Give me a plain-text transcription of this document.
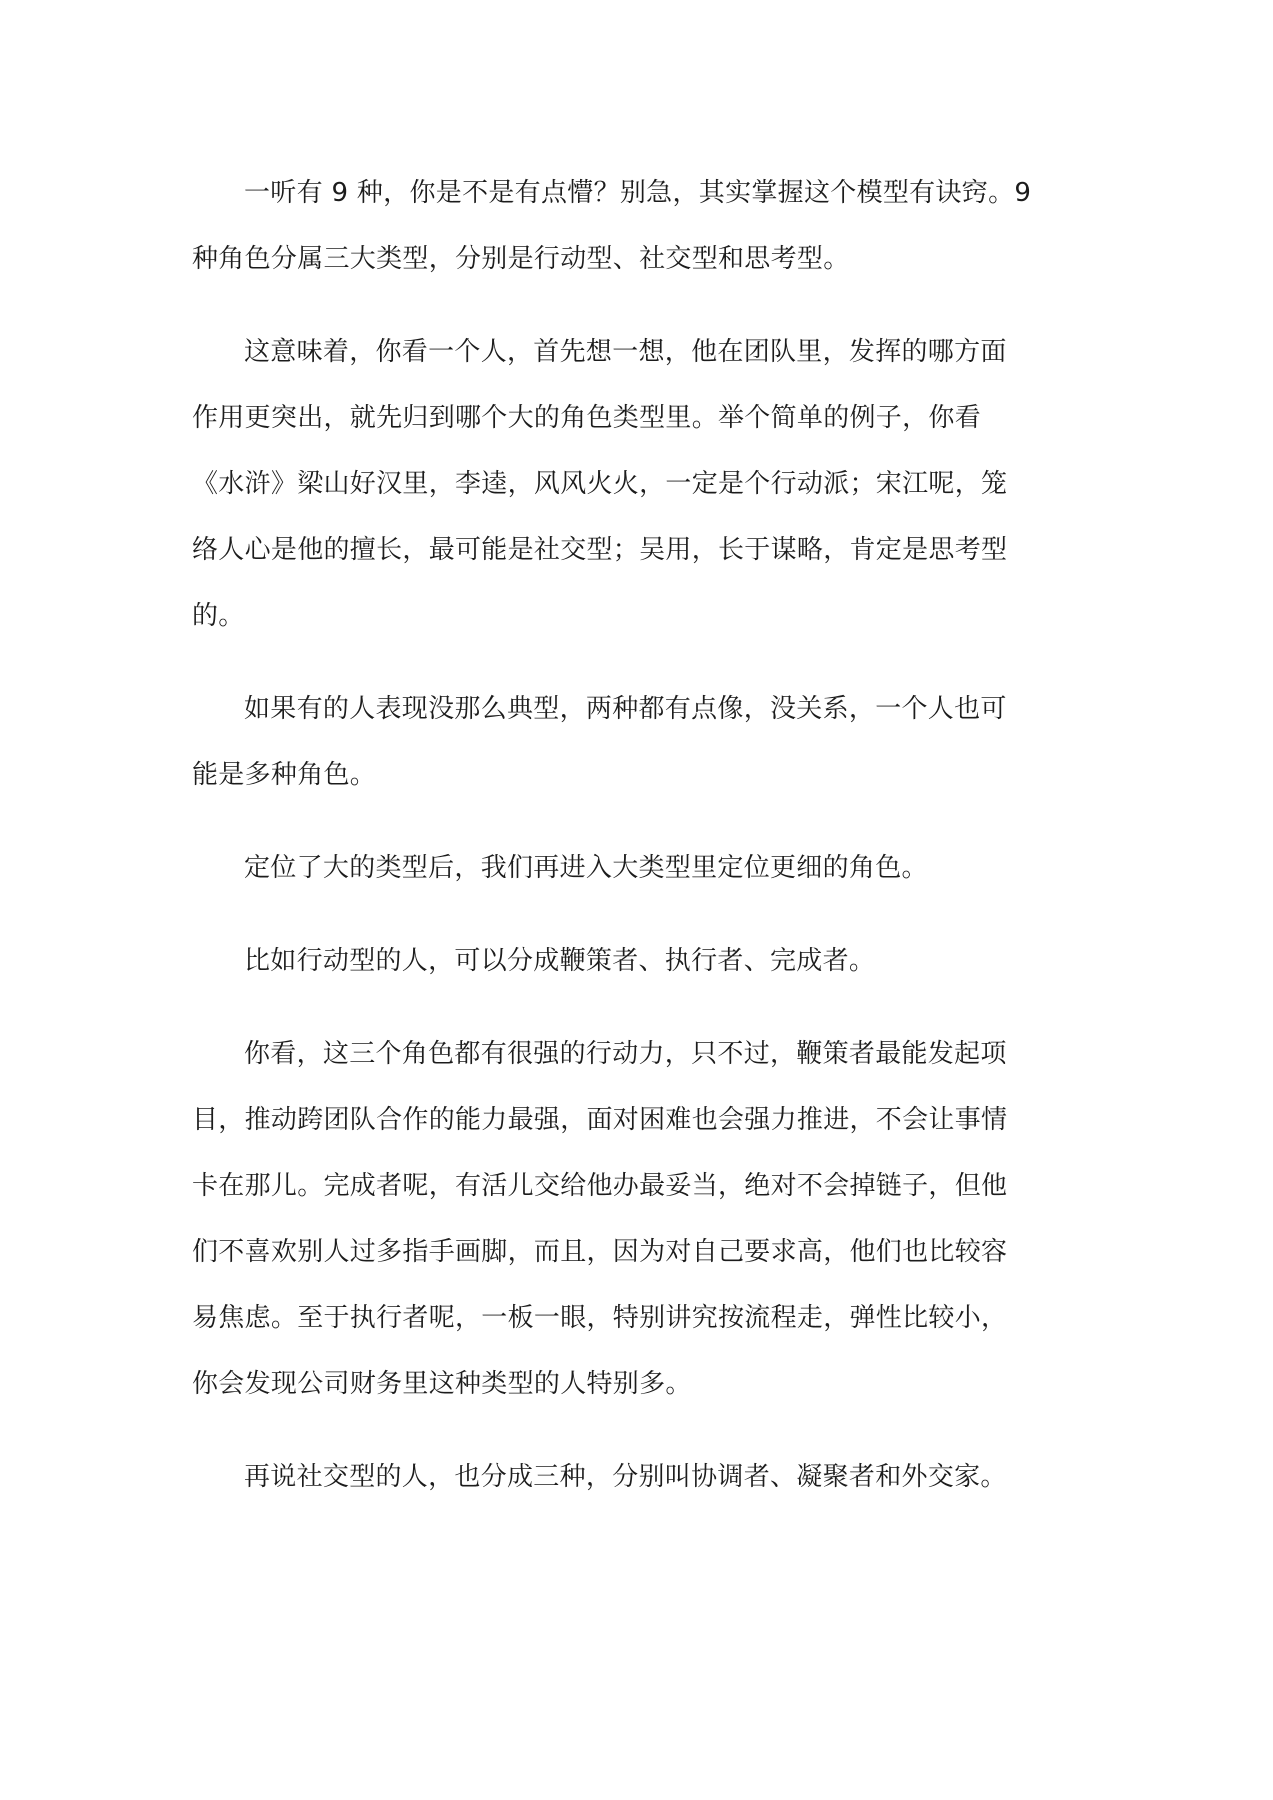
一听有 9 种，你是不是有点懵？别急，其实掌握这个模型有诀窍。9
种角色分属三大类型，分别是行动型、社交型和思考型。

这意味着，你看一个人，首先想一想，他在团队里，发挥的哪方面
作用更突出，就先归到哪个大的角色类型里。举个简单的例子，你看
《水浒》梁山好汉里，李逵，风风火火，一定是个行动派；宋江呢，笼
络人心是他的擅长，最可能是社交型；吴用，长于谋略，肯定是思考型
的。

如果有的人表现没那么典型，两种都有点像，没关系，一个人也可
能是多种角色。

定位了大的类型后，我们再进入大类型里定位更细的角色。

比如行动型的人，可以分成鞭策者、执行者、完成者。

你看，这三个角色都有很强的行动力，只不过，鞭策者最能发起项
目，推动跨团队合作的能力最强，面对困难也会强力推进，不会让事情
卡在那儿。完成者呢，有活儿交给他办最妥当，绝对不会掉链子，但他
们不喜欢别人过多指手画脚，而且，因为对自己要求高，他们也比较容
易焦虑。至于执行者呢，一板一眼，特别讲究按流程走，弹性比较小，
你会发现公司财务里这种类型的人特别多。

再说社交型的人，也分成三种，分别叫协调者、凝聚者和外交家。
